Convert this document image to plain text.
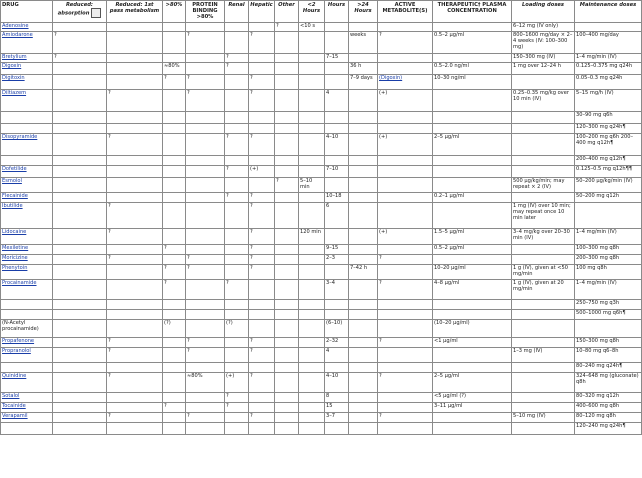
DRUG	Reduced: absorption	Reduced: 1st pass metabolism	>80%	PROTEIN BINDING >80%	Renal	Hepatic	Other	<2 Hours	Hours	>24 Hours	ACTIVE METABOLITE(S)	THERAPEUTIC† PLASMA CONCENTRATION	Loading doses	Maintenance doses
Adenosine							?	<10 s					6–12 mg (IV only)	
Amiodarone	?			?		?				weeks	?	0.5–2 µg/ml	800–1600 mg/day × 2–4 weeks (IV: 100–300 mg)	100–400 mg/day
Bretylium	?				?				7–15				150–300 mg (IV)	1–4 mg/min (IV)
Digoxin			≈80%		?					36 h		0.5–2.0 ng/ml	1 mg over 12–24 h	0.125–0.375 mg q24h
Digitoxin			?	?		?				7–9 days	(Digoxin)	10–30 ng/ml		0.05–0.3 mg q24h
Diltiazem		?		?		?			4		(+)		0.25–0.35 mg/kg over 10 min (IV)	5–15 mg/h (IV)
														30–90 mg q6h
														120–300 mg q24h¶
Disopyramide		?			?	?			4–10		(+)	2–5 µg/ml		100–200 mg q6h 200–400 mg q12h¶
														200–400 mg q12h¶
Dofetilide					?	(+)			7–10					0.125–0.5 mg q12h¶¶
Esmolol							?	5–10 min					500 µg/kg/min; may repeat × 2 (IV)	50–200 µg/kg/min (IV)
Flecainide					?	?			10–18			0.2–1 µg/ml		50–200 mg q12h
Ibutilide		?				?			6				1 mg (IV) over 10 min; may repeat once 10 min later	
Lidocaine		?				?		120 min			(+)	1.5–5 µg/ml	3–4 mg/kg over 20–30 min (IV)	1–4 mg/min (IV)
Mexiletine			?			?			9–15			0.5–2 µg/ml		100–300 mg q8h
Moricizine		?		?		?			2–3		?			200–300 mg q8h
Phenytoin			?	?		?				7–42 h		10–20 µg/ml	1 g (IV), given at <50 mg/min	100 mg q8h
Procainamide			?		?				3–4		?	4–8 µg/ml	1 g (IV), given at 20 mg/min	1–4 mg/min (IV)
														250–750 mg q3h
														500–1000 mg q6h¶
(N-Acetyl procainamide)			(?)		(?)				(6–10)			(10–20 µg/ml)		
Propafenone		?		?		?			2–32		?	<1 µg/ml		150–300 mg q8h
Propranolol		?		?		?			4				1–3 mg (IV)	10–80 mg q6–8h
														80–240 mg q24h¶
Quinidine		?		≈80%	(+)	?			4–10		?	2–5 µg/ml		324–648 mg (gluconate) q8h
Sotalol					?				8			<5 µg/ml (?)		80–320 mg q12h
Tocainide			?		?				15			3–11 µg/ml		400–600 mg q8h
Verapamil		?		?		?			3–7		?		5–10 mg (IV)	80–120 mg q8h
														120–240 mg q24h¶
